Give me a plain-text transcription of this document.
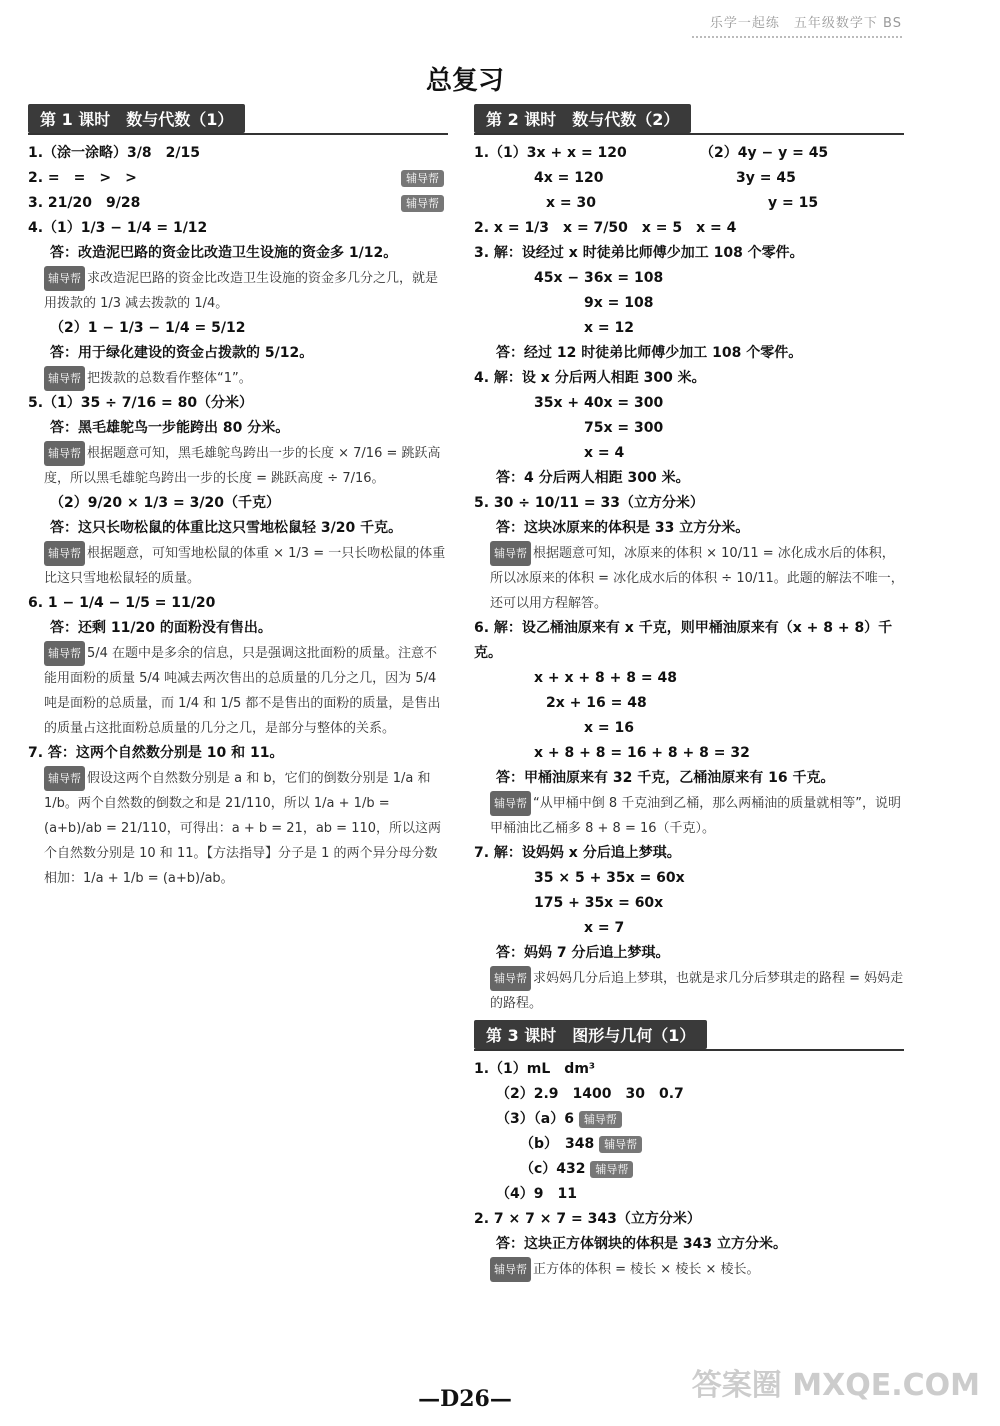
乐学一起练　 五年级数学下 BS
总复习
第 1 课时　数与代数（1）
1.（涂一涂略）3/8　2/15
2. =　=　>　>	辅导帮
3. 21/20　9/28	辅导帮
4.（1）1/3 − 1/4 = 1/12
答：改造泥巴路的资金比改造卫生设施的资金多 1/12。
辅导帮 求改造泥巴路的资金比改造卫生设施的资金多几分之几，就是用拨款的 1/3 减去拨款的 1/4。
（2）1 − 1/3 − 1/4 = 5/12
答：用于绿化建设的资金占拨款的 5/12。
辅导帮 把拨款的总数看作整体“1”。
5.（1）35 ÷ 7/16 = 80（分米）
答：黑毛雄鸵鸟一步能跨出 80 分米。
辅导帮 根据题意可知，黑毛雄鸵鸟跨出一步的长度 × 7/16 = 跳跃高度，所以黑毛雄鸵鸟跨出一步的长度 = 跳跃高度 ÷ 7/16。
（2）9/20 × 1/3 = 3/20（千克）
答：这只长吻松鼠的体重比这只雪地松鼠轻 3/20 千克。
辅导帮 根据题意，可知雪地松鼠的体重 × 1/3 = 一只长吻松鼠的体重比这只雪地松鼠轻的质量。
6. 1 − 1/4 − 1/5 = 11/20
答：还剩 11/20 的面粉没有售出。
辅导帮 5/4 在题中是多余的信息，只是强调这批面粉的质量。注意不能用面粉的质量 5/4 吨减去两次售出的总质量的几分之几，因为 5/4 吨是面粉的总质量，而 1/4 和 1/5 都不是售出的面粉的质量，是售出的质量占这批面粉总质量的几分之几，是部分与整体的关系。
7. 答：这两个自然数分别是 10 和 11。
辅导帮 假设这两个自然数分别是 a 和 b，它们的倒数分别是 1/a 和 1/b。两个自然数的倒数之和是 21/110，所以 1/a + 1/b = (a+b)/ab = 21/110，可得出：a + b = 21，ab = 110，所以这两个自然数分别是 10 和 11。【方法指导】分子是 1 的两个异分母分数相加：1/a + 1/b = (a+b)/ab。
第 2 课时　数与代数（2）
1.（1）3x + x = 120	（2）4y − y = 45
4x = 120	3y = 45
x = 30	y = 15
2. x = 1/3　x = 7/50　x = 5　x = 4
3. 解：设经过 x 时徒弟比师傅少加工 108 个零件。
45x − 36x = 108
9x = 108
x = 12
答：经过 12 时徒弟比师傅少加工 108 个零件。
4. 解：设 x 分后两人相距 300 米。
35x + 40x = 300
75x = 300
x = 4
答：4 分后两人相距 300 米。
5. 30 ÷ 10/11 = 33（立方分米）
答：这块冰原来的体积是 33 立方分米。
辅导帮 根据题意可知，冰原来的体积 × 10/11 = 冰化成水后的体积，所以冰原来的体积 = 冰化成水后的体积 ÷ 10/11。此题的解法不唯一，还可以用方程解答。
6. 解：设乙桶油原来有 x 千克，则甲桶油原来有（x + 8 + 8）千克。
x + x + 8 + 8 = 48
2x + 16 = 48
x = 16
x + 8 + 8 = 16 + 8 + 8 = 32
答：甲桶油原来有 32 千克，乙桶油原来有 16 千克。
辅导帮 “从甲桶中倒 8 千克油到乙桶，那么两桶油的质量就相等”，说明甲桶油比乙桶多 8 + 8 = 16（千克）。
7. 解：设妈妈 x 分后追上梦琪。
35 × 5 + 35x = 60x
175 + 35x = 60x
x = 7
答：妈妈 7 分后追上梦琪。
辅导帮 求妈妈几分后追上梦琪，也就是求几分后梦琪走的路程 = 妈妈走的路程。
第 3 课时　图形与几何（1）
1.（1）mL　dm³
（2）2.9　1400　30　0.7
（3）（a）6 辅导帮
（b）　348 辅导帮
（c）432 辅导帮
（4）9　11
2. 7 × 7 × 7 = 343（立方分米）
答：这块正方体钢块的体积是 343 立方分米。
辅导帮 正方体的体积 = 棱长 × 棱长 × 棱长。
—D26—	答案圈 MXQE.COM
